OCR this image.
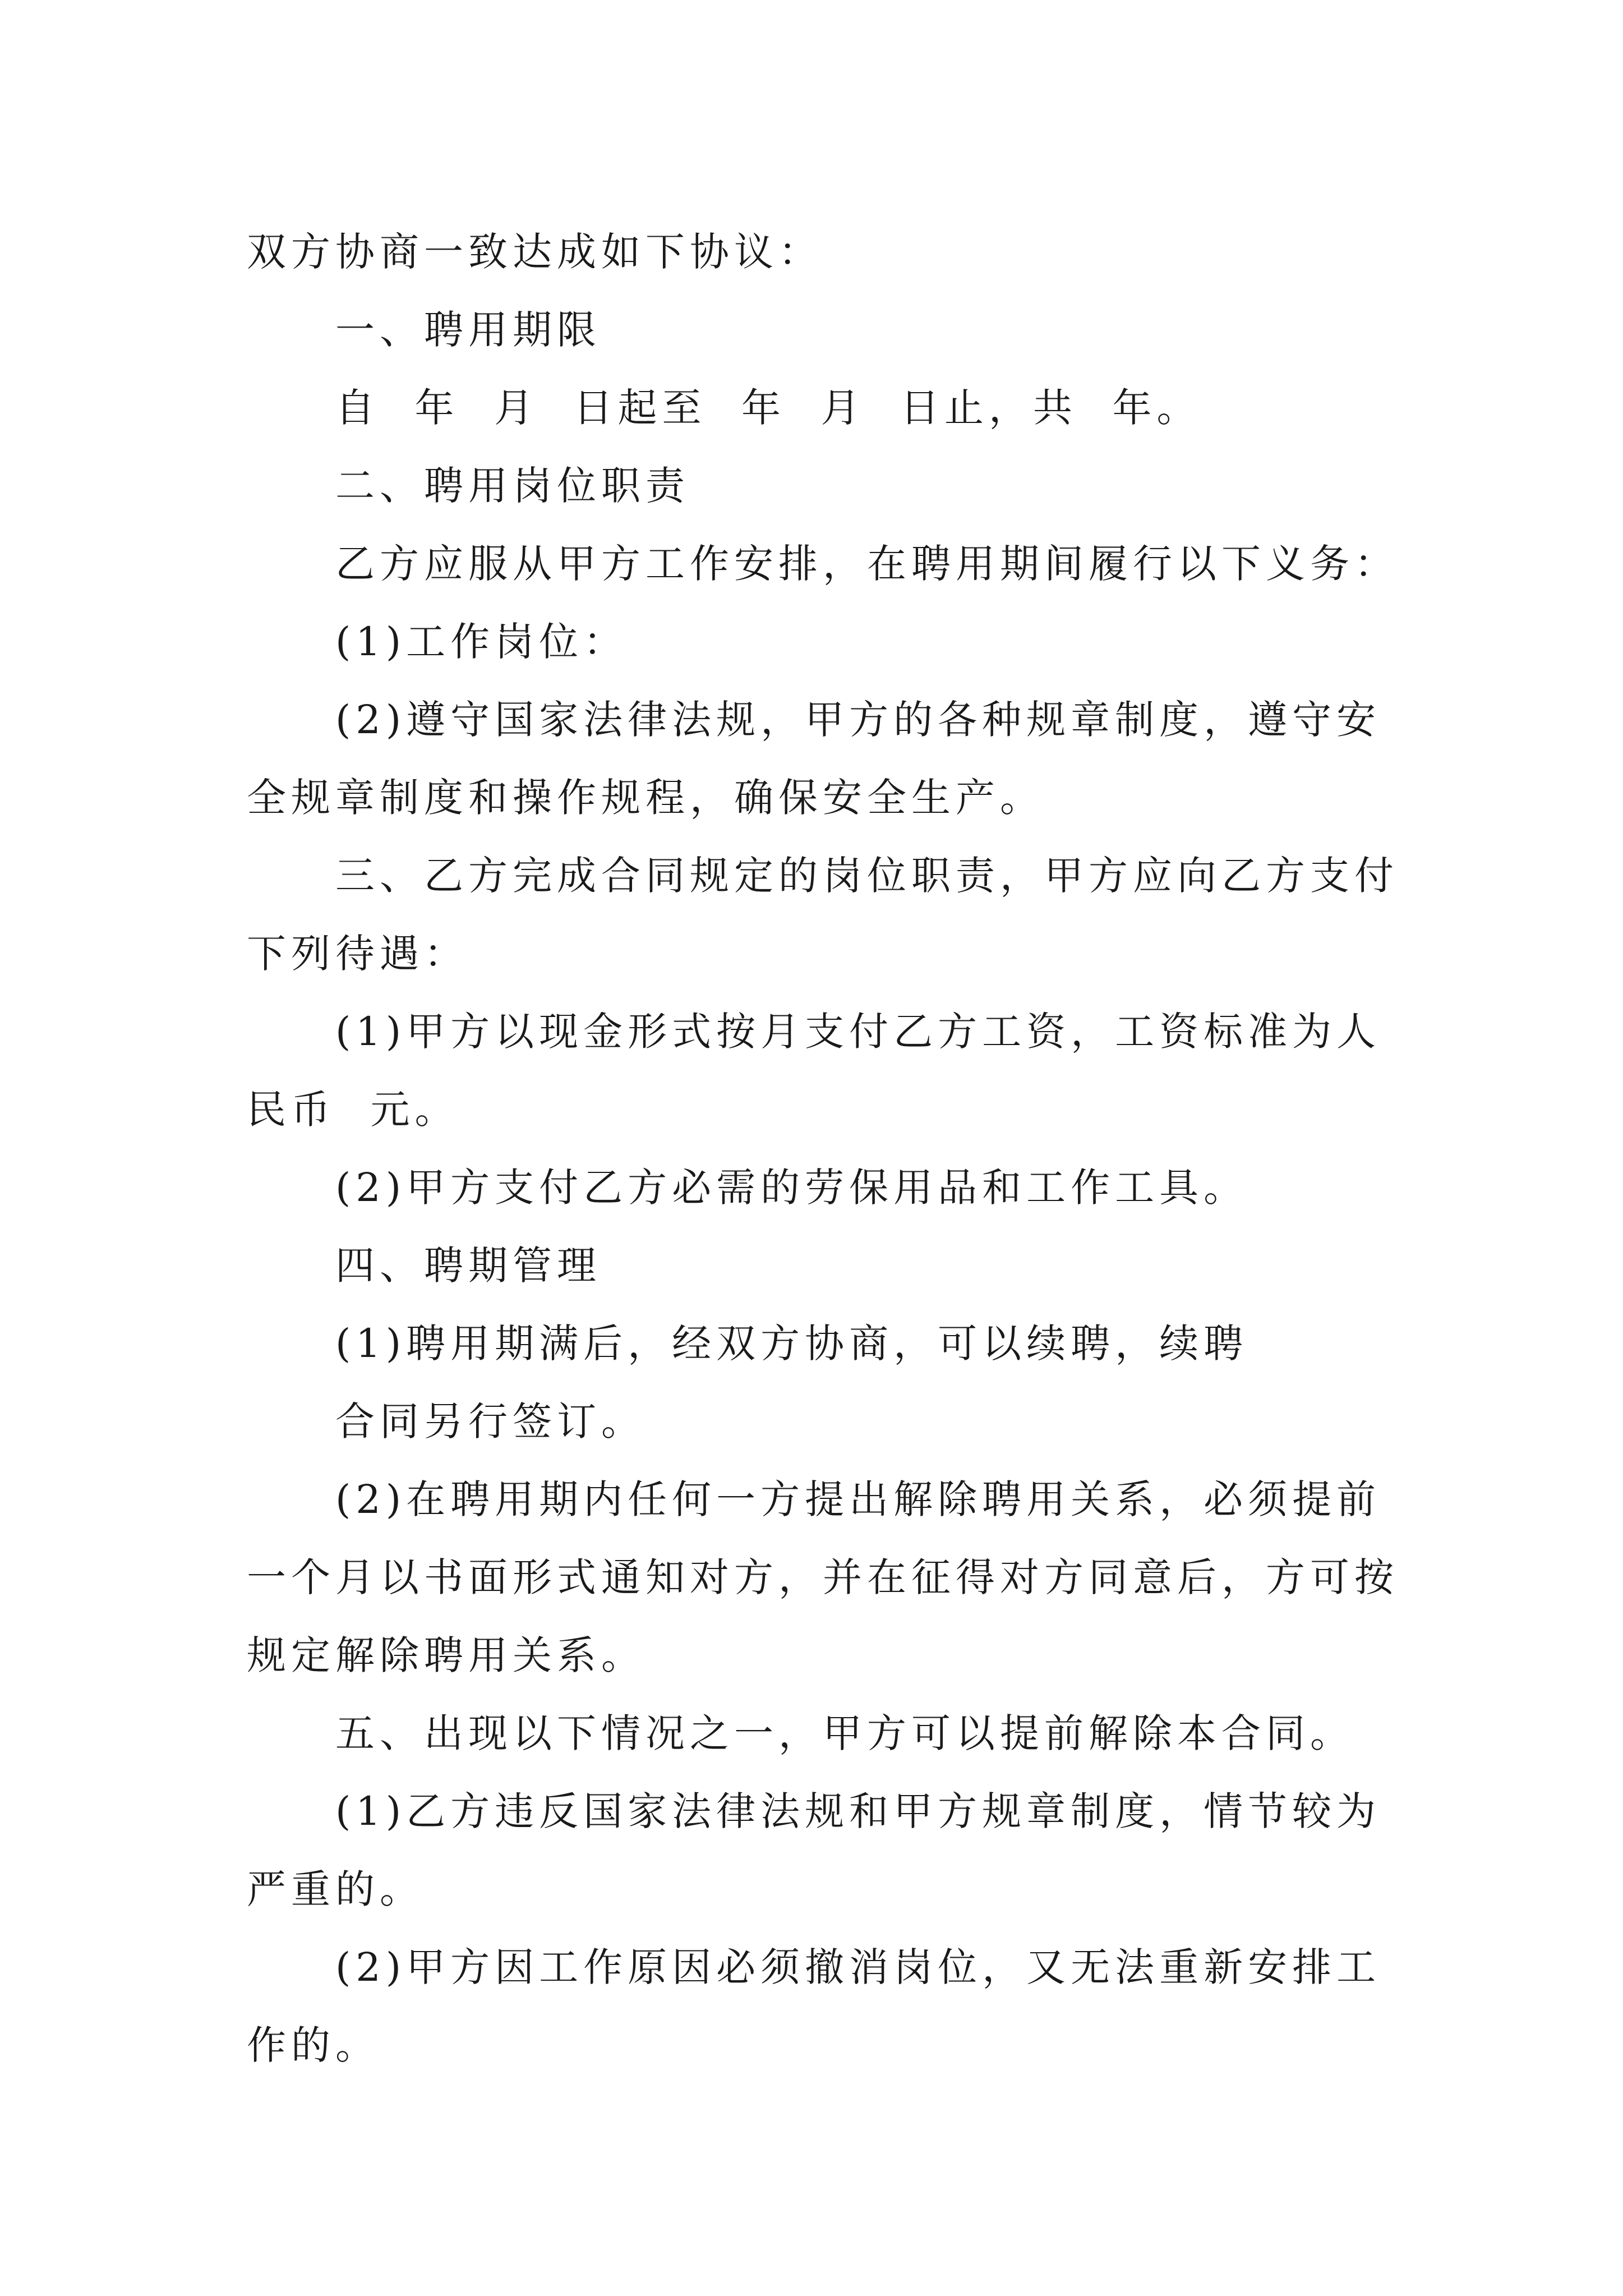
双方协商一致达成如下协议：
一、聘用期限
自  年  月  日起至  年  月  日止，共  年。
二、聘用岗位职责
乙方应服从甲方工作安排，在聘用期间履行以下义务：
(1)工作岗位：
(2)遵守国家法律法规，甲方的各种规章制度，遵守安
全规章制度和操作规程，确保安全生产。
三、乙方完成合同规定的岗位职责，甲方应向乙方支付
下列待遇：
(1)甲方以现金形式按月支付乙方工资，工资标准为人
民币  元。
(2)甲方支付乙方必需的劳保用品和工作工具。
四、聘期管理
(1)聘用期满后，经双方协商，可以续聘，续聘
合同另行签订。
(2)在聘用期内任何一方提出解除聘用关系，必须提前
一个月以书面形式通知对方，并在征得对方同意后，方可按
规定解除聘用关系。
五、出现以下情况之一，甲方可以提前解除本合同。
(1)乙方违反国家法律法规和甲方规章制度，情节较为
严重的。
(2)甲方因工作原因必须撤消岗位，又无法重新安排工
作的。
